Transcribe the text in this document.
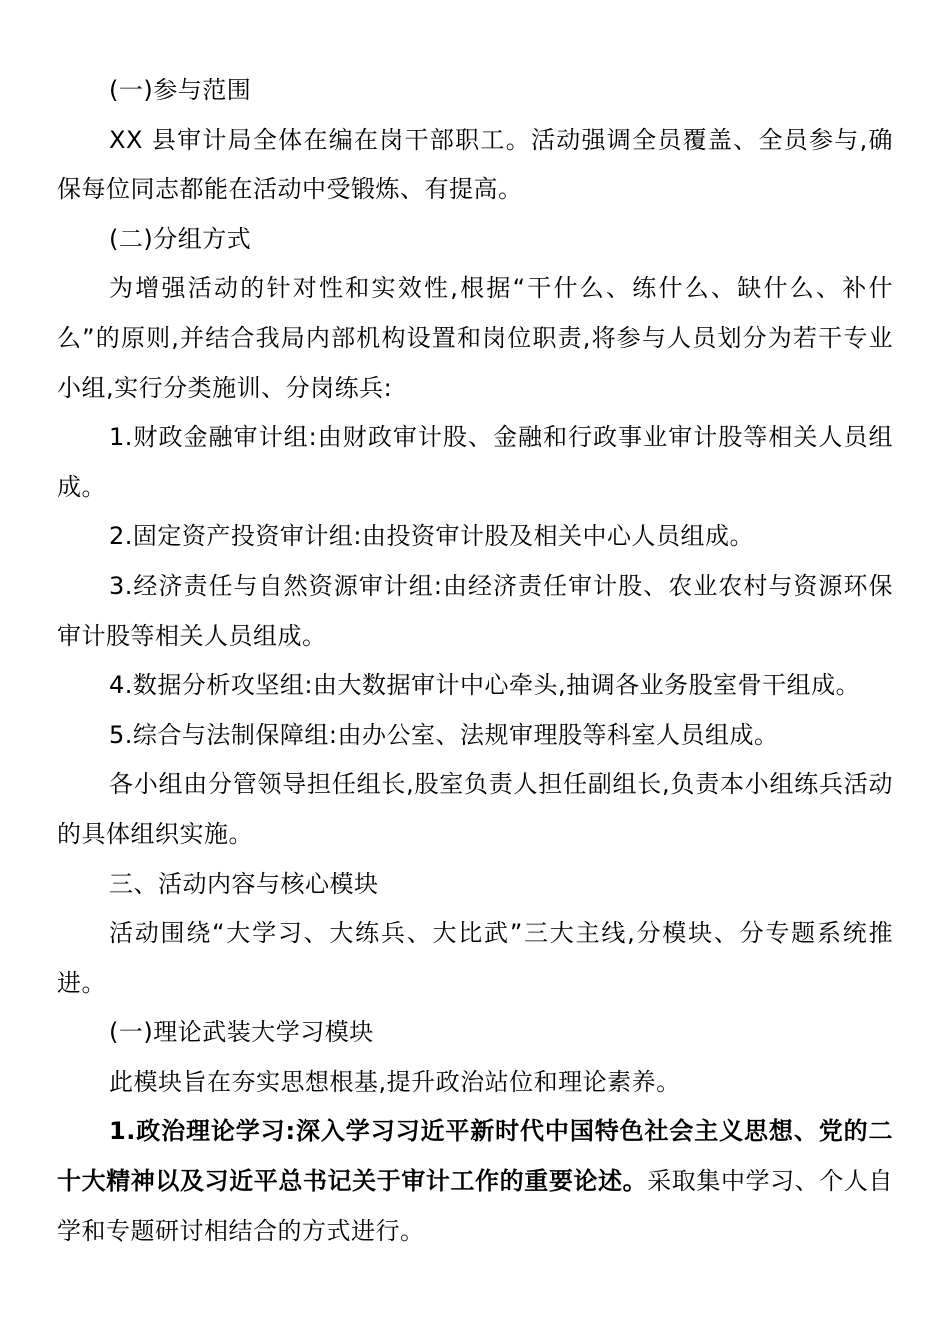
(一)参与范围

XX 县审计局全体在编在岗干部职工。活动强调全员覆盖、全员参与,确保每位同志都能在活动中受锻炼、有提高。

(二)分组方式

为增强活动的针对性和实效性,根据“干什么、练什么、缺什么、补什么”的原则,并结合我局内部机构设置和岗位职责,将参与人员划分为若干专业小组,实行分类施训、分岗练兵:

1.财政金融审计组:由财政审计股、金融和行政事业审计股等相关人员组成。

2.固定资产投资审计组:由投资审计股及相关中心人员组成。

3.经济责任与自然资源审计组:由经济责任审计股、农业农村与资源环保审计股等相关人员组成。

4.数据分析攻坚组:由大数据审计中心牵头,抽调各业务股室骨干组成。

5.综合与法制保障组:由办公室、法规审理股等科室人员组成。

各小组由分管领导担任组长,股室负责人担任副组长,负责本小组练兵活动的具体组织实施。

三、活动内容与核心模块

活动围绕“大学习、大练兵、大比武”三大主线,分模块、分专题系统推进。

(一)理论武装大学习模块

此模块旨在夯实思想根基,提升政治站位和理论素养。

1.政治理论学习:深入学习习近平新时代中国特色社会主义思想、党的二十大精神以及习近平总书记关于审计工作的重要论述。采取集中学习、个人自学和专题研讨相结合的方式进行。
